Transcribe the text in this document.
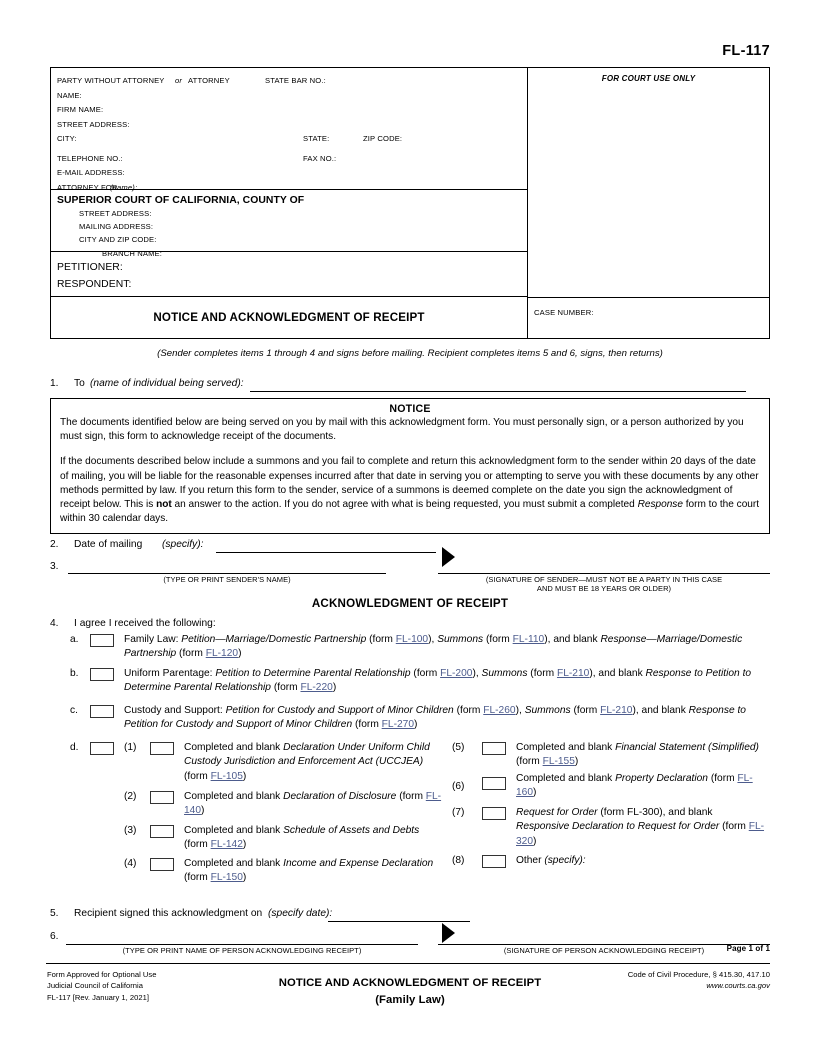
FL-117
PARTY WITHOUT ATTORNEY or ATTORNEY	STATE BAR NO.:
NAME:
FIRM NAME:
STREET ADDRESS:
CITY:	STATE:	ZIP CODE:
TELEPHONE NO.:	FAX NO.:
E-MAIL ADDRESS:
ATTORNEY FOR
(name):
SUPERIOR COURT OF CALIFORNIA, COUNTY OF
STREET ADDRESS:
MAILING ADDRESS:
CITY AND ZIP CODE:
BRANCH NAME:
PETITIONER:
RESPONDENT:
NOTICE AND ACKNOWLEDGMENT OF RECEIPT
FOR COURT USE ONLY
CASE NUMBER:
(Sender completes items 1 through 4 and signs before mailing. Recipient completes items 5 and 6, signs, then returns)
1.	To (name of individual being served):
NOTICE
The documents identified below are being served on you by mail with this acknowledgment form. You must personally sign, or a person authorized by you must sign, this form to acknowledge receipt of the documents.
If the documents described below include a summons and you fail to complete and return this acknowledgment form to the sender within 20 days of the date of mailing, you will be liable for the reasonable expenses incurred after that date in serving you or attempting to serve you with these documents by any other methods permitted by law. If you return this form to the sender, service of a summons is deemed complete on the date you sign the acknowledgment of receipt below. This is not an answer to the action. If you do not agree with what is being requested, you must submit a completed Response form to the court within 30 calendar days.
2.	Date of mailing (specify):
3.
(TYPE OR PRINT SENDER'S NAME)	(SIGNATURE OF SENDER—MUST NOT BE A PARTY IN THIS CASE
AND MUST BE 18 YEARS OR OLDER)
ACKNOWLEDGMENT OF RECEIPT
4.	I agree I received the following:
a.	Family Law: Petition—Marriage/Domestic Partnership (form FL-100), Summons (form FL-110), and blank Response—Marriage/Domestic Partnership (form FL-120)
b.	Uniform Parentage: Petition to Determine Parental Relationship (form FL-200), Summons (form FL-210), and blank Response to Petition to Determine Parental Relationship (form FL-220)
c.	Custody and Support: Petition for Custody and Support of Minor Children (form FL-260), Summons (form FL-210), and blank Response to Petition for Custody and Support of Minor Children (form FL-270)
d.	(1)	Completed and blank Declaration Under Uniform Child Custody Jurisdiction and Enforcement Act (UCCJEA) (form FL-105)
(2)	Completed and blank Declaration of Disclosure (form FL-140)
(3)	Completed and blank Schedule of Assets and Debts (form FL-142)
(4)	Completed and blank Income and Expense Declaration (form FL-150)
(5)	Completed and blank Financial Statement (Simplified) (form FL-155)
(6)
Completed and blank Property Declaration (form FL-160)
(7)	Request for Order (form FL-300), and blank Responsive Declaration to Request for Order (form FL-320)
(8)	Other (specify):
5.	Recipient signed this acknowledgment on (specify date):
6.
(TYPE OR PRINT NAME OF PERSON ACKNOWLEDGING RECEIPT)	(SIGNATURE OF PERSON ACKNOWLEDGING RECEIPT)	Page 1 of 1
Form Approved for Optional Use
Judicial Council of California
FL-117 [Rev. January 1, 2021]
NOTICE AND ACKNOWLEDGMENT OF RECEIPT
(Family Law)
Code of Civil Procedure, § 415.30, 417.10
www.courts.ca.gov
